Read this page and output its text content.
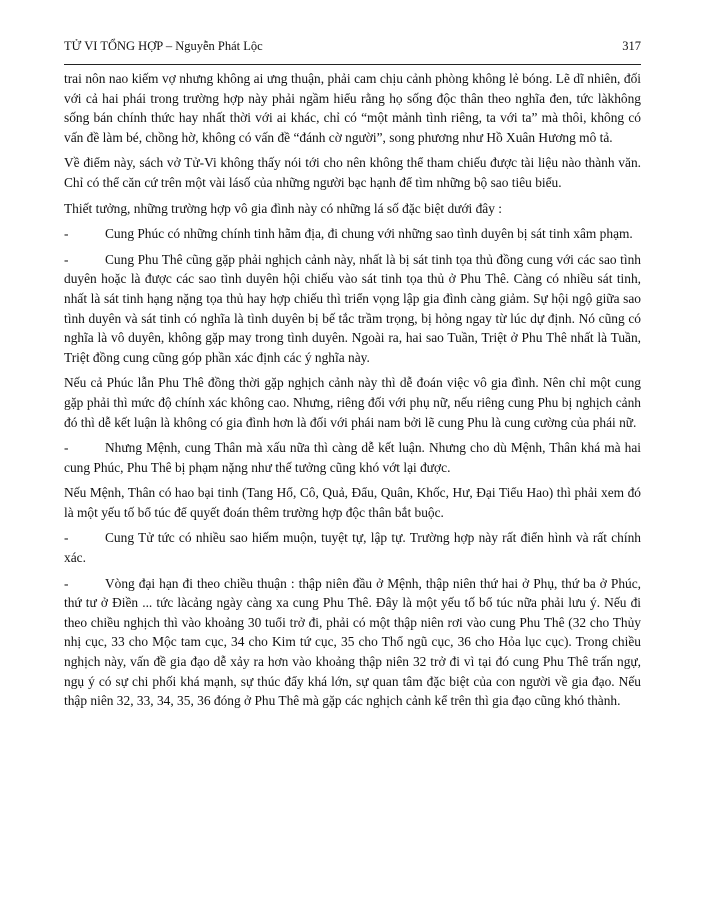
TỬ VI TỔNG HỢP – Nguyễn Phát Lộc	317

trai nôn nao kiếm vợ nhưng không ai ưng thuận, phải cam chịu cảnh phòng không lẻ bóng. Lẽ dĩ nhiên, đối với cả hai phái trong trường hợp này phải ngầm hiểu rằng họ sống độc thân theo nghĩa đen, tức làkhông sống bán chính thức hay nhất thời với ai khác, chỉ có “một mảnh tình riêng, ta với ta” mà thôi, không có vấn đề làm bé, chồng hờ, không có vấn đề “đánh cờ người”, song phương như Hồ Xuân Hương mô tả.

Về điểm này, sách vở Tử-Vi không thấy nói tới cho nên không thể tham chiếu được tài liệu nào thành văn. Chỉ có thể căn cứ trên một vài lásố của những người bạc hạnh để tìm những bộ sao tiêu biểu.

Thiết tưởng, những trường hợp vô gia đình này có những lá số đặc biệt dưới đây :

-	Cung Phúc có những chính tinh hãm địa, đi chung với những sao tình duyên bị sát tinh xâm phạm.

-	Cung Phu Thê cũng gặp phải nghịch cảnh này, nhất là bị sát tinh tọa thủ đồng cung với các sao tình duyên hoặc là được các sao tình duyên hội chiếu vào sát tinh tọa thủ ở Phu Thê. Càng có nhiều sát tinh, nhất là sát tinh hạng nặng tọa thủ hay hợp chiếu thì triển vọng lập gia đình càng giảm. Sự hội ngộ giữa sao tình duyên và sát tinh có nghĩa là tình duyên bị bế tắc trầm trọng, bị hỏng ngay từ lúc dự định. Nó cũng có nghĩa là vô duyên, không gặp may trong tình duyên. Ngoài ra, hai sao Tuần, Triệt ở Phu Thê nhất là Tuần, Triệt đồng cung cũng góp phần xác định các ý nghĩa này.

Nếu cả Phúc lẫn Phu Thê đồng thời gặp nghịch cảnh này thì dễ đoán việc vô gia đình. Nên chỉ một cung gặp phải thì mức độ chính xác không cao. Nhưng, riêng đối với phụ nữ, nếu riêng cung Phu bị nghịch cảnh đó thì dễ kết luận là không có gia đình hơn là đối với phái nam bởi lẽ cung Phu là cung cường của phái nữ.

-	Nhưng Mệnh, cung Thân mà xấu nữa thì càng dễ kết luận. Nhưng cho dù Mệnh, Thân khá mà hai cung Phúc, Phu Thê bị phạm nặng như thế tưởng cũng khó vớt lại được.

Nếu Mệnh, Thân có hao bại tinh (Tang Hổ, Cô, Quả, Đẩu, Quân, Khốc, Hư, Đại Tiểu Hao) thì phải xem đó là một yếu tố bổ túc để quyết đoán thêm trường hợp độc thân bắt buộc.

-	Cung Tử tức có nhiều sao hiếm muộn, tuyệt tự, lập tự. Trường hợp này rất điển hình và rất chính xác.

-	Vòng đại hạn đi theo chiều thuận : thập niên đầu ở Mệnh, thập niên thứ hai ở Phụ, thứ ba ở Phúc, thứ tư ở Điền ... tức làcảng ngày càng xa cung Phu Thê. Đây là một yếu tố bổ túc nữa phải lưu ý. Nếu đi theo chiều nghịch thì vào khoảng 30 tuổi trở đi, phải có một thập niên rơi vào cung Phu Thê (32 cho Thủy nhị cục, 33 cho Mộc tam cục, 34 cho Kim tứ cục, 35 cho Thổ ngũ cục, 36 cho Hỏa lục cục). Trong chiều nghịch này, vấn đề gia đạo dễ xảy ra hơn vào khoảng thập niên 32 trở đi vì tại đó cung Phu Thê trấn ngự, ngụ ý có sự chi phối khá mạnh, sự thúc đẩy khá lớn, sự quan tâm đặc biệt của con người về gia đạo. Nếu thập niên 32, 33, 34, 35, 36 đóng ở Phu Thê mà gặp các nghịch cảnh kể trên thì gia đạo cũng khó thành.
